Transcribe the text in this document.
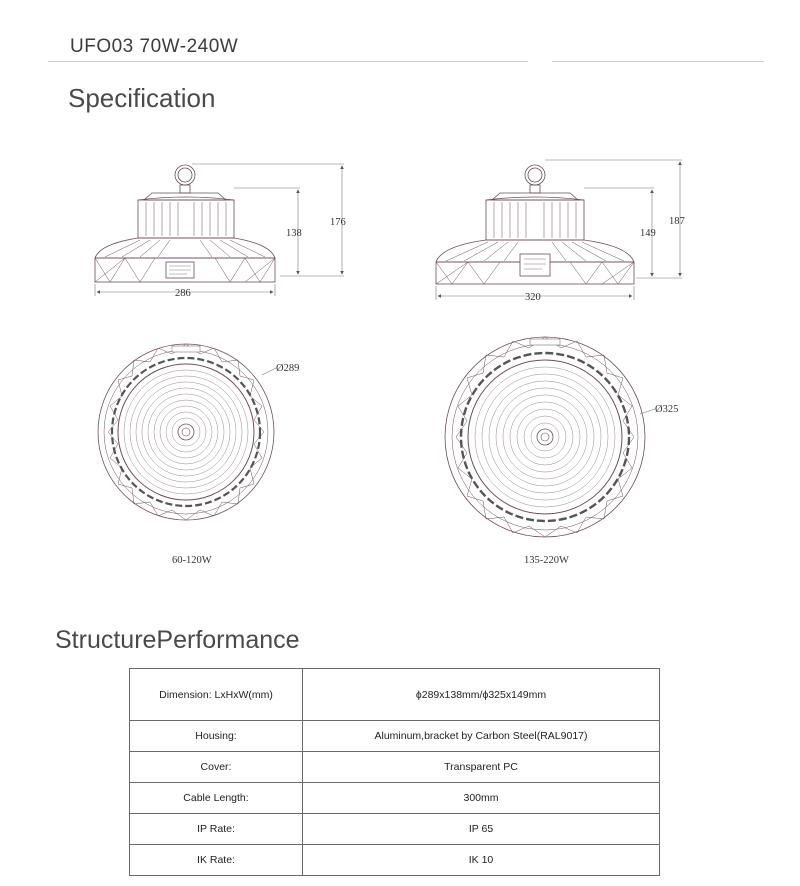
UFO03 70W-240W
Specification
286
138
176
320
149
187
Ø289
60-120W
Ø325
135-220W
StructurePerformance
Dimension: LxHxW(mm)	ϕ289x138mm/ϕ325x149mm
Housing:	Aluminum,bracket by Carbon Steel(RAL9017)
Cover:	Transparent PC
Cable Length:	300mm
IP Rate:	IP 65
IK Rate:	IK 10
